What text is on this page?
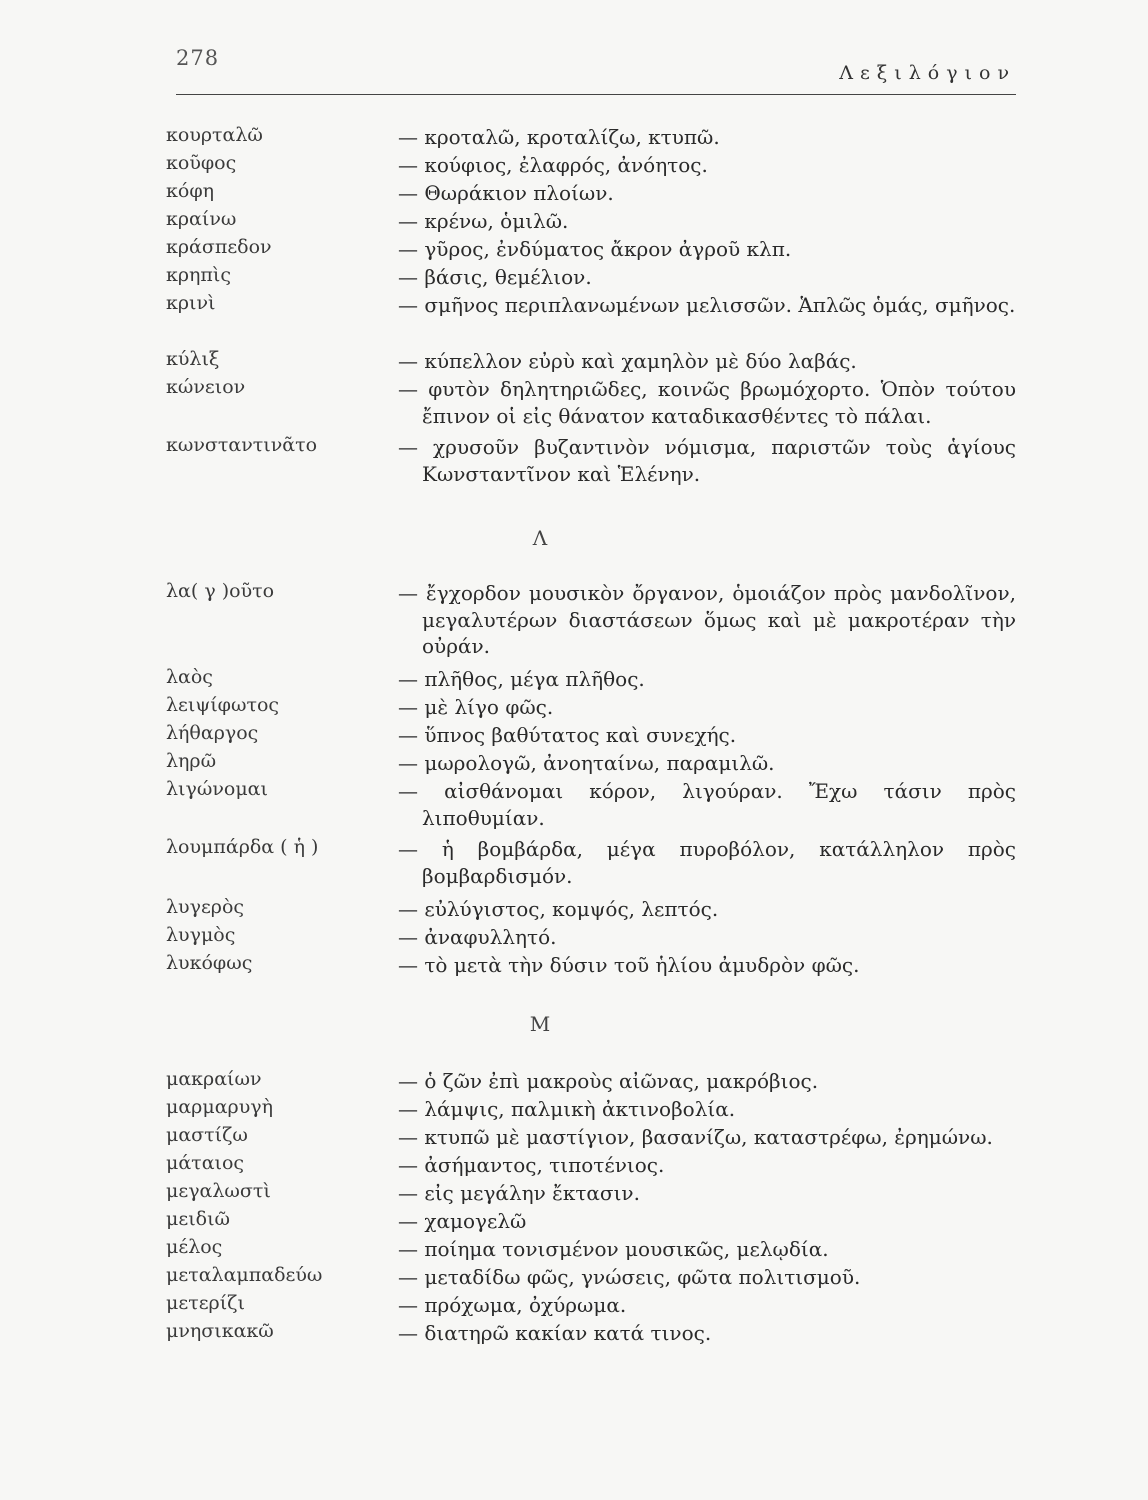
278
Λεξιλόγιον
κουρταλῶ	— κροταλῶ, κροταλίζω, κτυπῶ.
κοῦφος	— κούφιος, ἐλαφρός, ἀνόητος.
κόφη	— Θωράκιον πλοίων.
κραίνω	— κρένω, ὁμιλῶ.
κράσπεδον	— γῦρος, ἐνδύματος ἄκρον ἀγροῦ κλπ.
κρηπὶς	— βάσις, θεμέλιον.
κρινὶ	— σμῆνος περιπλανωμένων μελισσῶν. Ἁπλῶς ὁμάς, σμῆνος.
κύλιξ	— κύπελλον εὐρὺ καὶ χαμηλὸν μὲ δύο λαβάς.
κώνειον	— φυτὸν δηλητηριῶδες, κοινῶς βρωμόχορτο. Ὁπὸν τούτου ἔπινον οἱ εἰς θάνατον καταδικασθέντες τὸ πάλαι.
κωνσταντινᾶτο	— χρυσοῦν βυζαντινὸν νόμισμα, παριστῶν τοὺς ἁγίους Κωνσταντῖνον καὶ Ἑλένην.
Λ
λα( γ )οῦτο	— ἔγχορδον μουσικὸν ὄργανον, ὁμοιάζον πρὸς μανδολῖνον, μεγαλυτέρων διαστάσεων ὅμως καὶ μὲ μακροτέραν τὴν οὐράν.
λαὸς	— πλῆθος, μέγα πλῆθος.
λειψίφωτος	— μὲ λίγο φῶς.
λήθαργος	— ὕπνος βαθύτατος καὶ συνεχής.
ληρῶ	— μωρολογῶ, ἀνοηταίνω, παραμιλῶ.
λιγώνομαι	— αἰσθάνομαι κόρον, λιγούραν. Ἔχω τάσιν πρὸς λιποθυμίαν.
λουμπάρδα ( ἡ )	— ἡ βομβάρδα, μέγα πυροβόλον, κατάλληλον πρὸς βομβαρδισμόν.
λυγερὸς	— εὐλύγιστος, κομψός, λεπτός.
λυγμὸς	— ἀναφυλλητό.
λυκόφως	— τὸ μετὰ τὴν δύσιν τοῦ ἡλίου ἀμυδρὸν φῶς.
Μ
μακραίων	— ὁ ζῶν ἐπὶ μακροὺς αἰῶνας, μακρόβιος.
μαρμαρυγὴ	— λάμψις, παλμικὴ ἀκτινοβολία.
μαστίζω	— κτυπῶ μὲ μαστίγιον, βασανίζω, καταστρέφω, ἐρημώνω.
μάταιος	— ἀσήμαντος, τιποτένιος.
μεγαλωστὶ	— εἰς μεγάλην ἔκτασιν.
μειδιῶ	— χαμογελῶ
μέλος	— ποίημα τονισμένον μουσικῶς, μελῳδία.
μεταλαμπαδεύω	— μεταδίδω φῶς, γνώσεις, φῶτα πολιτισμοῦ.
μετερίζι	— πρόχωμα, ὀχύρωμα.
μνησικακῶ	— διατηρῶ κακίαν κατά τινος.
